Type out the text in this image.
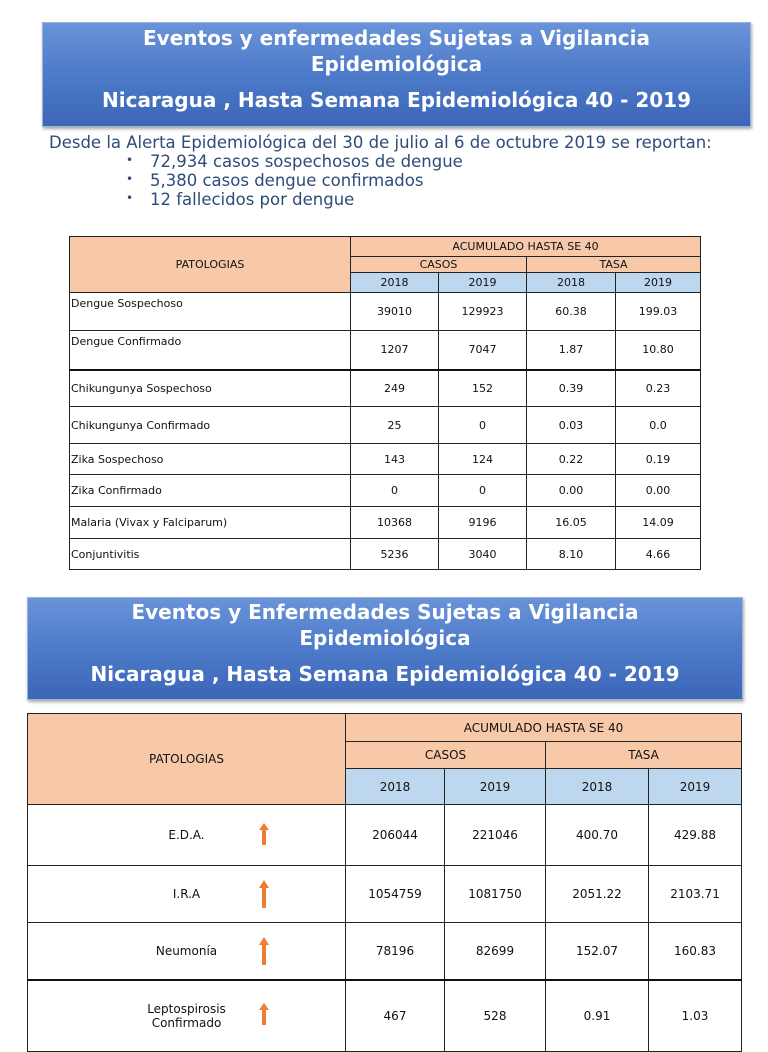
Eventos y enfermedades Sujetas a Vigilancia
Epidemiológica
Nicaragua , Hasta Semana Epidemiológica 40 - 2019
Desde la Alerta Epidemiológica del 30 de julio al 6 de octubre 2019 se reportan:
• 72,934 casos sospechosos de dengue
• 5,380 casos dengue confirmados
• 12 fallecidos por dengue
PATOLOGIAS	ACUMULADO HASTA SE 40			
	CASOS		TASA	
	2018	2019	2018	2019
Dengue Sospechoso	39010	129923	60.38	199.03
Dengue Confirmado	1207	7047	1.87	10.80
Chikungunya Sospechoso	249	152	0.39	0.23
Chikungunya Confirmado	25	0	0.03	0.0
Zika Sospechoso	143	124	0.22	0.19
Zika Confirmado	0	0	0.00	0.00
Malaria (Vivax y Falciparum)	10368	9196	16.05	14.09
Conjuntivitis	5236	3040	8.10	4.66
Eventos y Enfermedades Sujetas a Vigilancia
Epidemiológica
Nicaragua , Hasta Semana Epidemiológica 40 - 2019
PATOLOGIAS	ACUMULADO HASTA SE 40			
	CASOS		TASA	
	2018	2019	2018	2019
E.D.A.	206044	221046	400.70	429.88
I.R.A	1054759	1081750	2051.22	2103.71
Neumonía	78196	82699	152.07	160.83
Leptospirosis Confirmado	467	528	0.91	1.03
